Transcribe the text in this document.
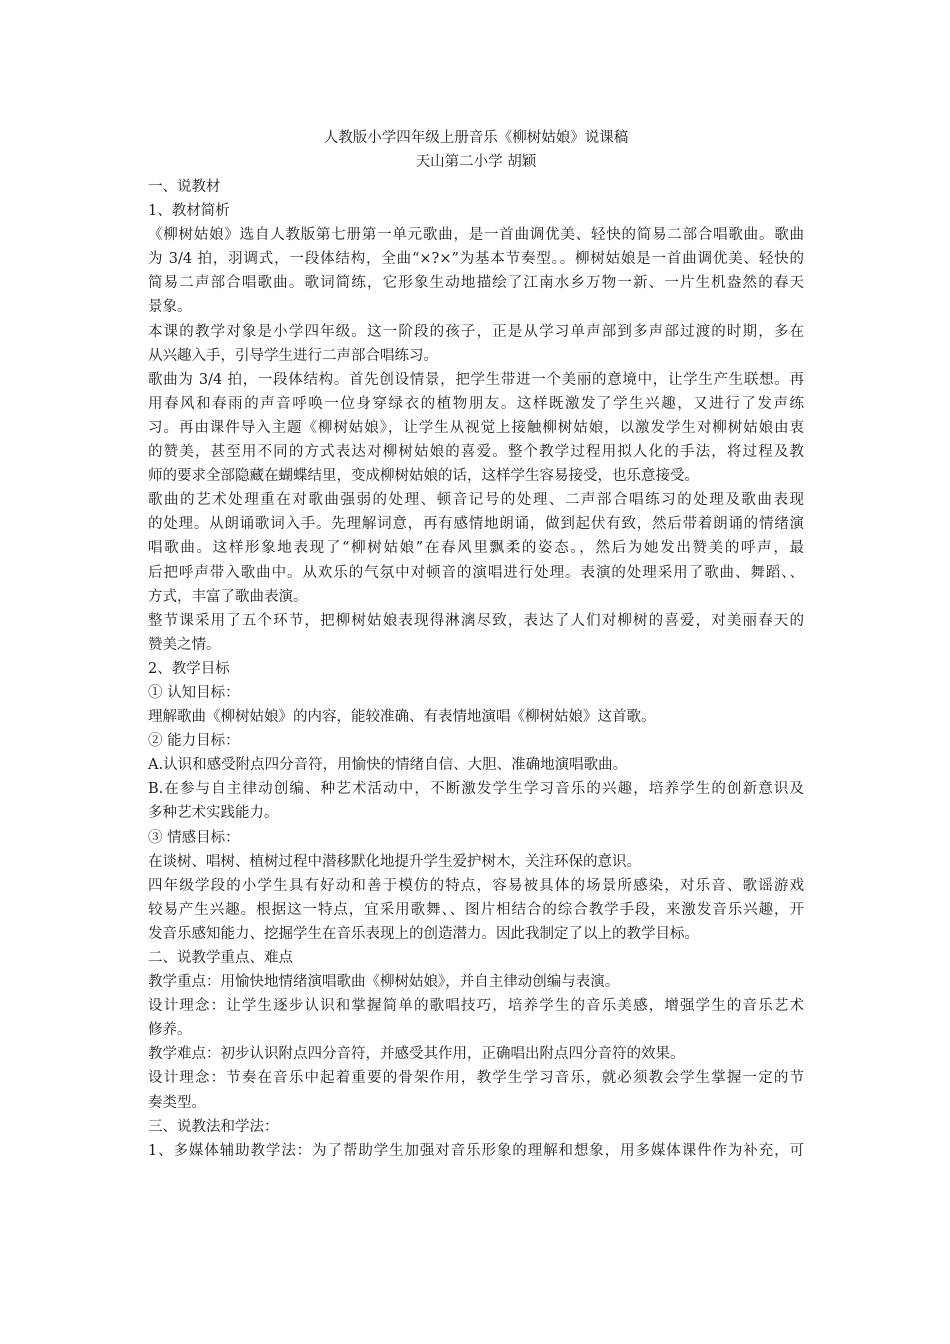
人教版小学四年级上册音乐《柳树姑娘》说课稿
天山第二小学 胡颖

一、说教材

1、教材简析

《柳树姑娘》选自人教版第七册第一单元歌曲，是一首曲调优美、轻快的简易二部合唱歌曲。歌曲

为 3/4 拍，羽调式，一段体结构，全曲“×?×”为基本节奏型。。柳树姑娘是一首曲调优美、轻快的

简易二声部合唱歌曲。歌词简练，它形象生动地描绘了江南水乡万物一新、一片生机盎然的春天

景象。

本课的教学对象是小学四年级。这一阶段的孩子，正是从学习单声部到多声部过渡的时期，多在

从兴趣入手，引导学生进行二声部合唱练习。

歌曲为 3/4 拍，一段体结构。首先创设情景，把学生带进一个美丽的意境中，让学生产生联想。再

用春风和春雨的声音呼唤一位身穿绿衣的植物朋友。这样既激发了学生兴趣，又进行了发声练

习。再由课件导入主题《柳树姑娘》，让学生从视觉上接触柳树姑娘，以激发学生对柳树姑娘由衷

的赞美，甚至用不同的方式表达对柳树姑娘的喜爱。整个教学过程用拟人化的手法，将过程及教

师的要求全部隐藏在蝴蝶结里，变成柳树姑娘的话，这样学生容易接受，也乐意接受。

歌曲的艺术处理重在对歌曲强弱的处理、顿音记号的处理、二声部合唱练习的处理及歌曲表现

的处理。从朗诵歌词入手。先理解词意，再有感情地朗诵，做到起伏有致，然后带着朗诵的情绪演

唱歌曲。这样形象地表现了“柳树姑娘”在春风里飘柔的姿态。，然后为她发出赞美的呼声，最

后把呼声带入歌曲中。从欢乐的气氛中对顿音的演唱进行处理。表演的处理采用了歌曲、舞蹈、、

方式，丰富了歌曲表演。

整节课采用了五个环节，把柳树姑娘表现得淋漓尽致，表达了人们对柳树的喜爱，对美丽春天的

赞美之情。

2、教学目标

① 认知目标：

理解歌曲《柳树姑娘》的内容，能较准确、有表情地演唱《柳树姑娘》这首歌。

② 能力目标：

A.认识和感受附点四分音符，用愉快的情绪自信、大胆、准确地演唱歌曲。

B.在参与自主律动创编、种艺术活动中，不断激发学生学习音乐的兴趣，培养学生的创新意识及

多种艺术实践能力。

③ 情感目标：

在谈树、唱树、植树过程中潜移默化地提升学生爱护树木，关注环保的意识。

四年级学段的小学生具有好动和善于模仿的特点，容易被具体的场景所感染，对乐音、歌谣游戏

较易产生兴趣。根据这一特点，宜采用歌舞、、图片相结合的综合教学手段，来激发音乐兴趣，开

发音乐感知能力、挖掘学生在音乐表现上的创造潜力。因此我制定了以上的教学目标。

二、说教学重点、难点

教学重点：用愉快地情绪演唱歌曲《柳树姑娘》，并自主律动创编与表演。

设计理念：让学生逐步认识和掌握简单的歌唱技巧，培养学生的音乐美感，增强学生的音乐艺术

修养。

教学难点：初步认识附点四分音符，并感受其作用，正确唱出附点四分音符的效果。

设计理念：节奏在音乐中起着重要的骨架作用，教学生学习音乐，就必须教会学生掌握一定的节

奏类型。

三、说教法和学法：

1、多媒体辅助教学法：为了帮助学生加强对音乐形象的理解和想象，用多媒体课件作为补充，可
